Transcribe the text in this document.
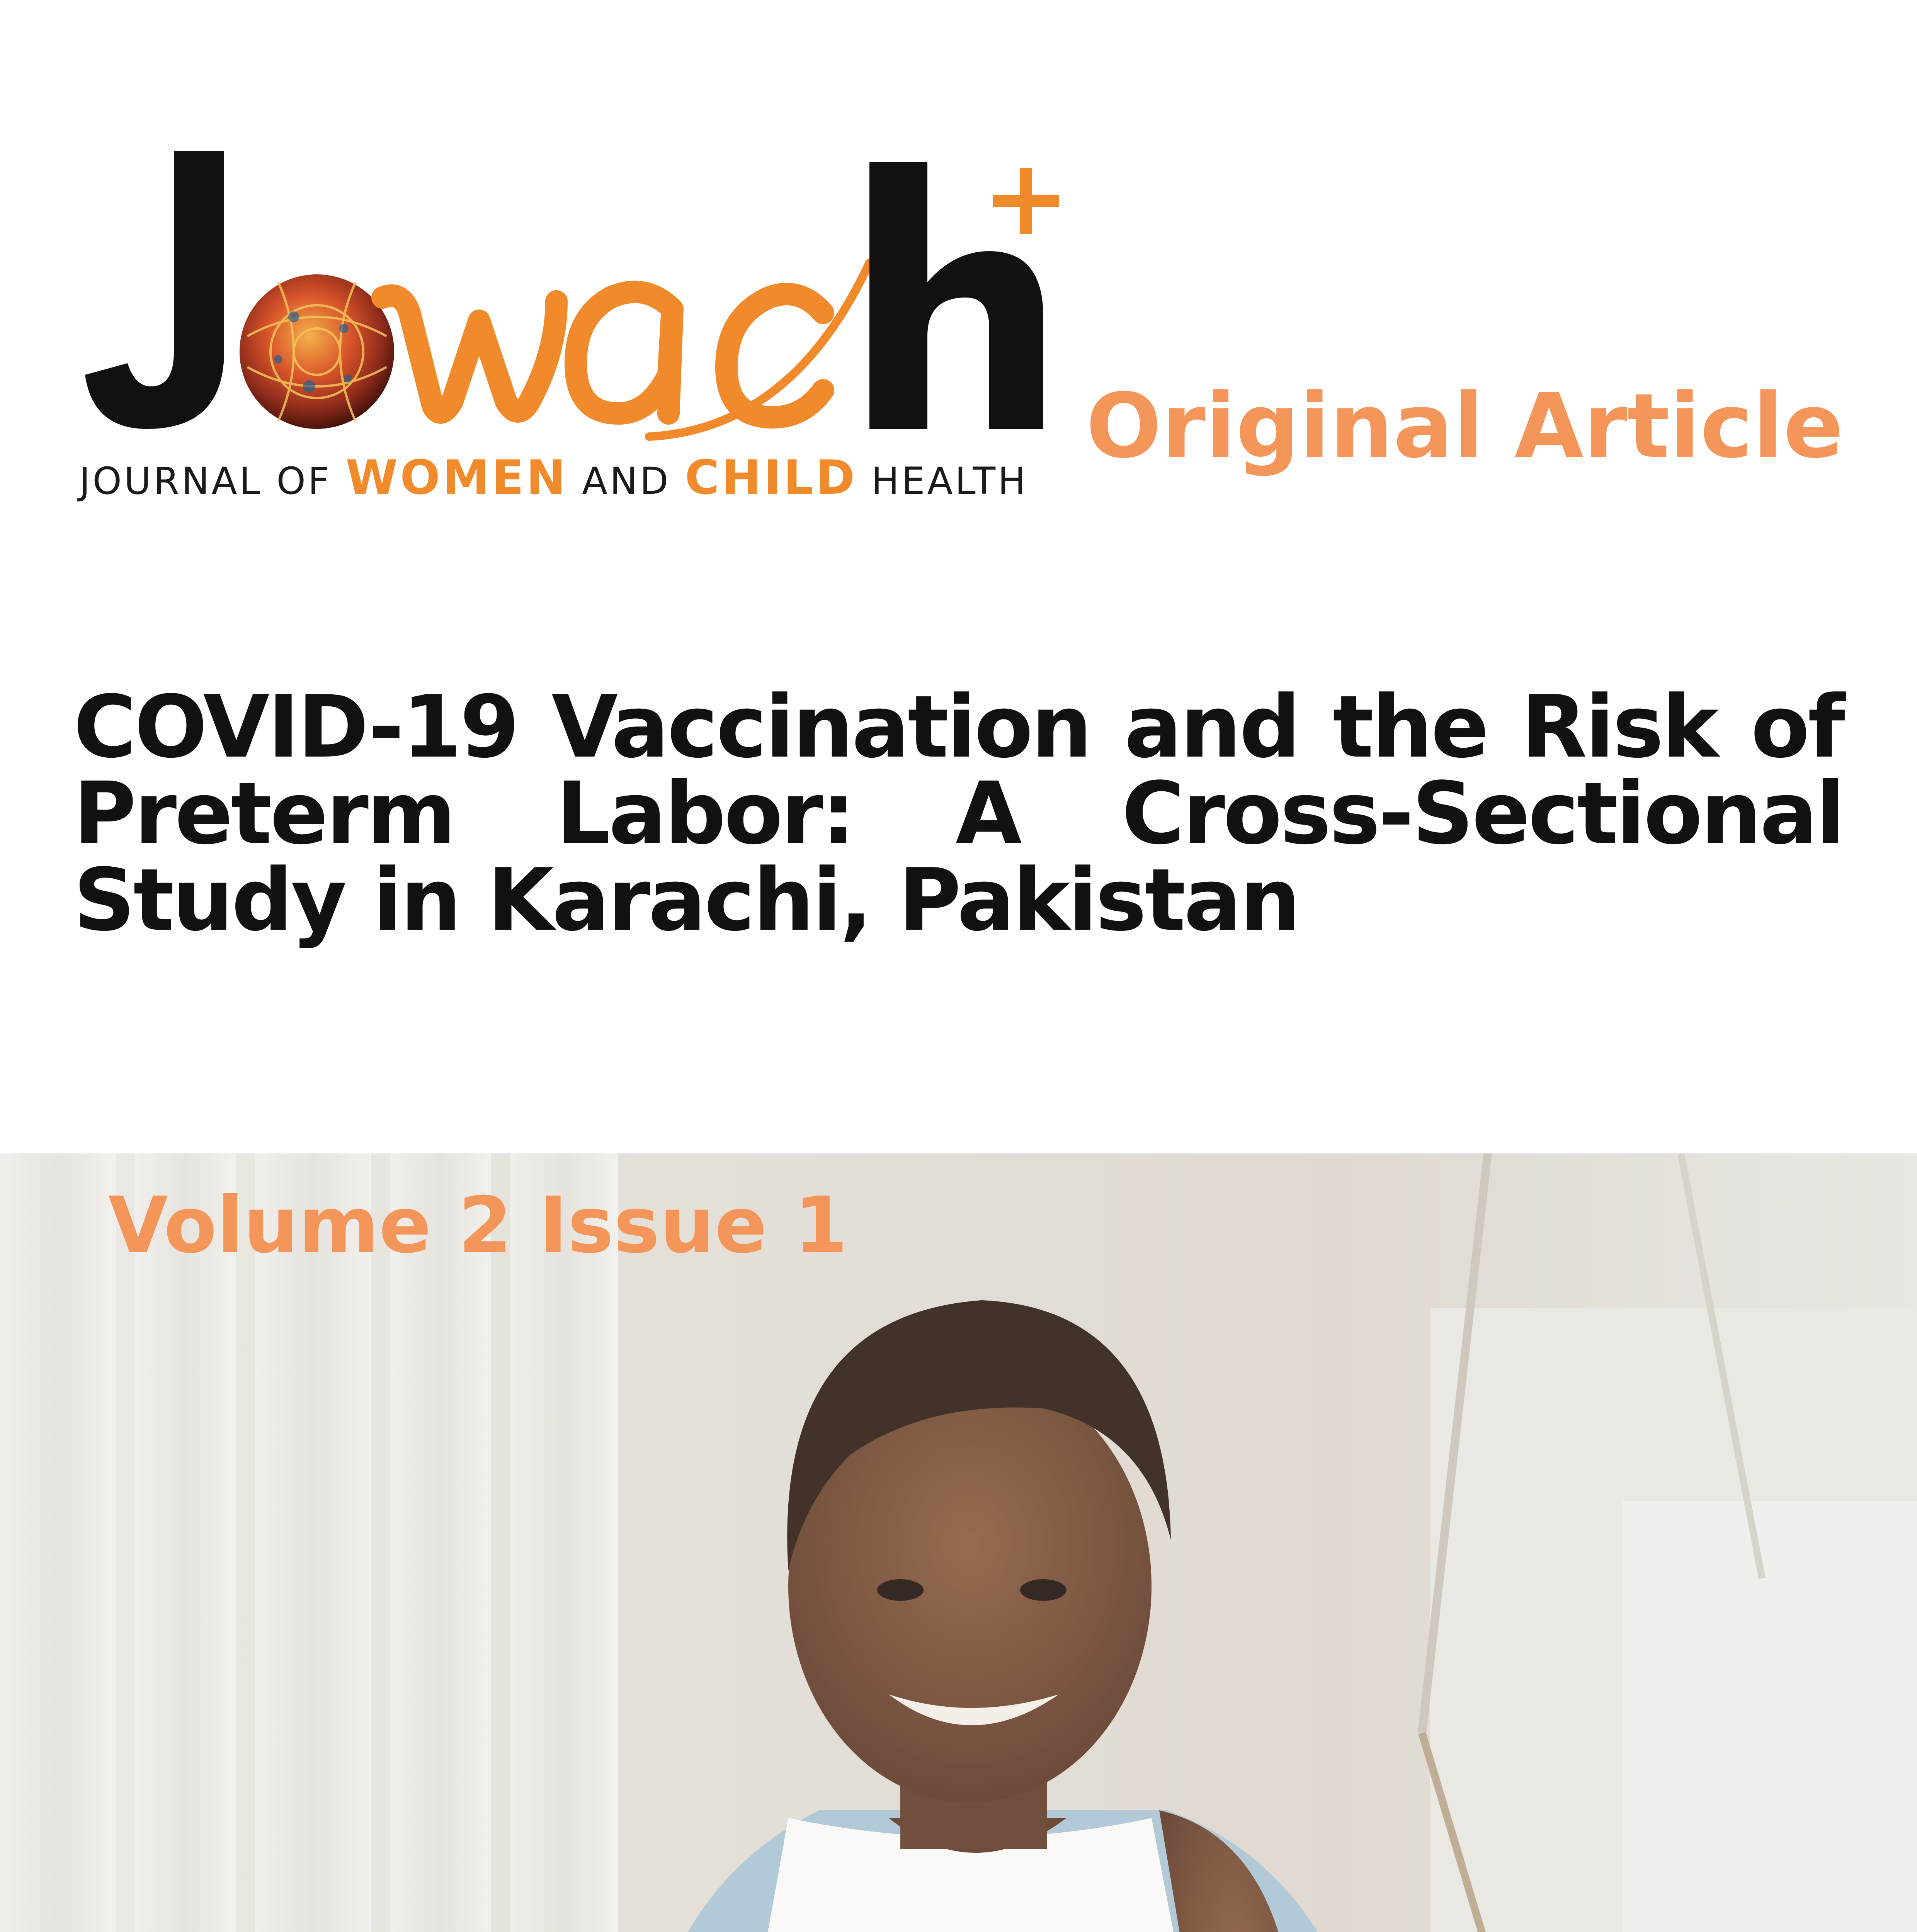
JOURNAL OF WOMEN AND CHILD HEALTH
Original Article
COVID-19 Vaccination and the Risk of Preterm Labor: A Cross-Sectional Study in Karachi, Pakistan
Volume 2 Issue 1
